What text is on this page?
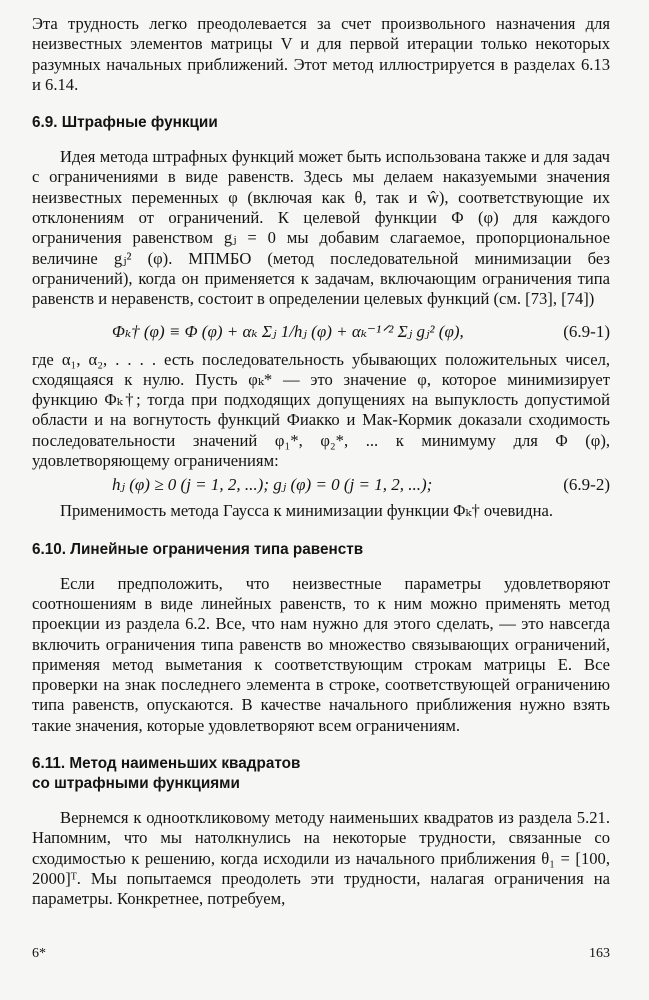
Эта трудность легко преодолевается за счет произвольного назначения для неизвестных элементов матрицы V и для первой итерации только некоторых разумных начальных приближений. Этот метод иллюстрируется в разделах 6.13 и 6.14.

6.9. Штрафные функции

Идея метода штрафных функций может быть использована также и для задач с ограничениями в виде равенств. Здесь мы делаем наказуемыми значения неизвестных переменных φ (включая как θ, так и ŵ), соответствующие их отклонениям от ограничений. К целевой функции Φ (φ) для каждого ограничения равенством gⱼ = 0 мы добавим слагаемое, пропорциональное величине gⱼ² (φ). МПМБО (метод последовательной минимизации без ограничений), когда он применяется к задачам, включающим ограничения типа равенств и неравенств, состоит в определении целевых функций (см. [73], [74])

Φₖ† (φ) ≡ Φ (φ) + αₖ Σⱼ 1/hⱼ (φ) + αₖ⁻¹ᐟ² Σⱼ gⱼ² (φ),	(6.9-1)

где α₁, α₂, . . . . есть последовательность убывающих положительных чисел, сходящаяся к нулю. Пусть φₖ* — это значение φ, которое минимизирует функцию Φₖ†; тогда при подходящих допущениях на выпуклость допустимой области и на вогнутость функций Фиакко и Мак-Кормик доказали сходимость последовательности значений φ₁*, φ₂*, ... к минимуму для Φ (φ), удовлетворяющему ограничениям:

hⱼ (φ) ≥ 0 (j = 1, 2, ...); gⱼ (φ) = 0 (j = 1, 2, ...);	(6.9-2)

Применимость метода Гаусса к минимизации функции Φₖ† очевидна.

6.10. Линейные ограничения типа равенств

Если предположить, что неизвестные параметры удовлетворяют соотношениям в виде линейных равенств, то к ним можно применять метод проекции из раздела 6.2. Все, что нам нужно для этого сделать, — это навсегда включить ограничения типа равенств во множество связывающих ограничений, применяя метод выметания к соответствующим строкам матрицы E. Все проверки на знак последнего элемента в строке, соответствующей ограничению типа равенств, опускаются. В качестве начального приближения нужно взять такие значения, которые удовлетворяют всем ограничениям.

6.11. Метод наименьших квадратов
со штрафными функциями

Вернемся к однооткликовому методу наименьших квадратов из раздела 5.21. Напомним, что мы натолкнулись на некоторые трудности, связанные со сходимостью к решению, когда исходили из начального приближения θ₁ = [100, 2000]ᵀ. Мы попытаемся преодолеть эти трудности, налагая ограничения на параметры. Конкретнее, потребуем,

6*	163
